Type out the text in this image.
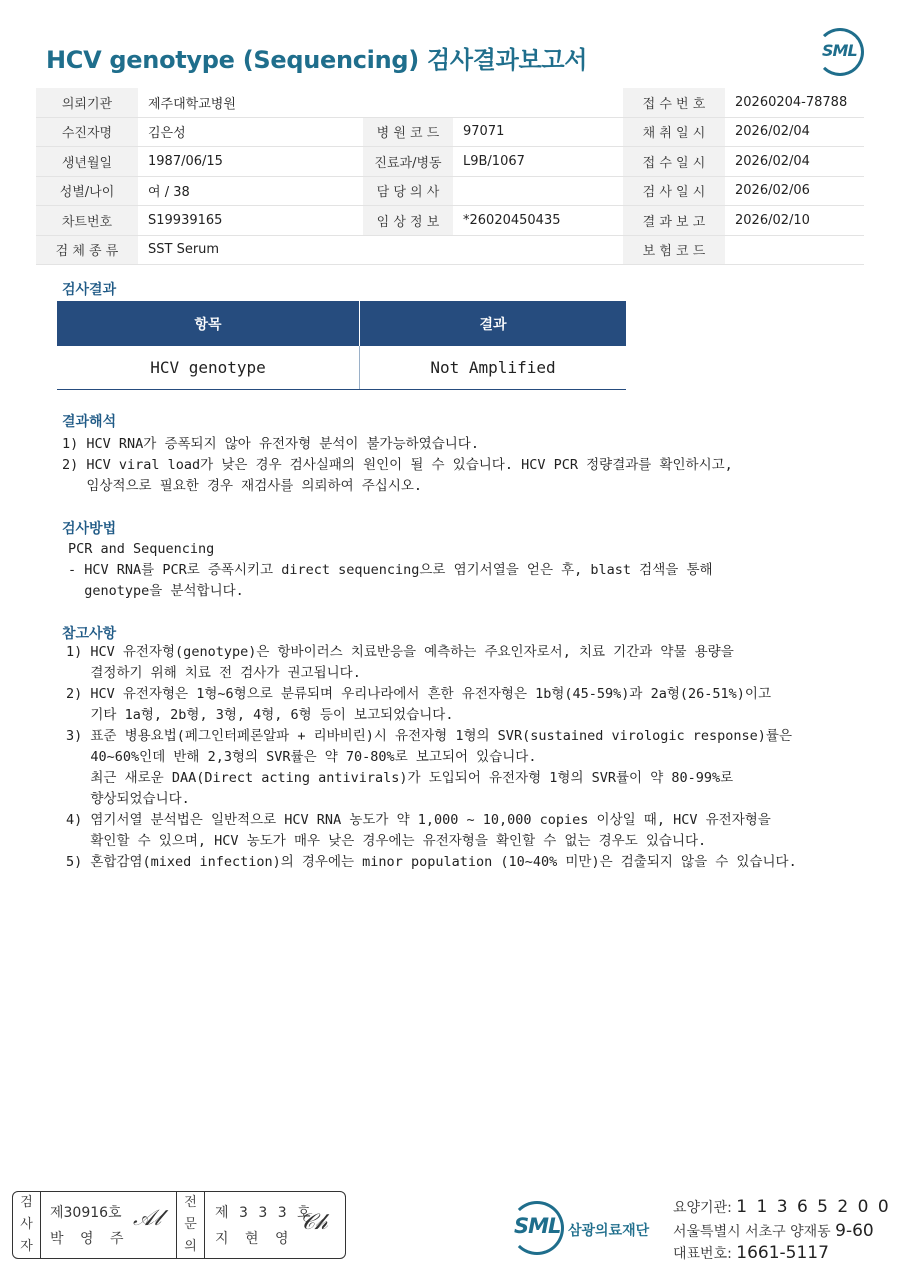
HCV genotype (Sequencing) 검사결과보고서	SML
의뢰기관	제주대학교병원			접 수 번 호	20260204-78788
수진자명	김은성	병 원 코 드	97071	채 취 일 시	2026/02/04
생년월일	1987/06/15	진료과/병동	L9B/1067	접 수 일 시	2026/02/04
성별/나이	여 / 38	담 당 의 사		검 사 일 시	2026/02/06
차트번호	S19939165	임 상 정 보	*26020450435	결 과 보 고	2026/02/10
검 체 종 류	SST Serum			보 험 코 드	
검사결과
항목	결과
HCV genotype	Not Amplified
결과해석
1) HCV RNA가 증폭되지 않아 유전자형 분석이 불가능하였습니다.
2) HCV viral load가 낮은 경우 검사실패의 원인이 될 수 있습니다. HCV PCR 정량결과를 확인하시고,
임상적으로 필요한 경우 재검사를 의뢰하여 주십시오.
검사방법
PCR and Sequencing
- HCV RNA를 PCR로 증폭시키고 direct sequencing으로 염기서열을 얻은 후, blast 검색을 통해
genotype을 분석합니다.
참고사항
1) HCV 유전자형(genotype)은 항바이러스 치료반응을 예측하는 주요인자로서, 치료 기간과 약물 용량을
결정하기 위해 치료 전 검사가 권고됩니다.
2) HCV 유전자형은 1형~6형으로 분류되며 우리나라에서 흔한 유전자형은 1b형(45-59%)과 2a형(26-51%)이고
기타 1a형, 2b형, 3형, 4형, 6형 등이 보고되었습니다.
3) 표준 병용요법(페그인터페론알파 + 리바비린)시 유전자형 1형의 SVR(sustained virologic response)률은
40~60%인데 반해 2,3형의 SVR률은 약 70-80%로 보고되어 있습니다.
최근 새로운 DAA(Direct acting antivirals)가 도입되어 유전자형 1형의 SVR률이 약 80-99%로
향상되었습니다.
4) 염기서열 분석법은 일반적으로 HCV RNA 농도가 약 1,000 ~ 10,000 copies 이상일 때, HCV 유전자형을
확인할 수 있으며, HCV 농도가 매우 낮은 경우에는 유전자형을 확인할 수 없는 경우도 있습니다.
5) 혼합감염(mixed infection)의 경우에는 minor population (10~40% 미만)은 검출되지 않을 수 있습니다.
검
사
자
제30916호
박 영 주
𝒜𝓁
전
문
의
제 3 3 3 호
지 현 영
𝒞𝒽	SML 삼광의료재단
요양기관: 1 1 3 6 5 2 0 0
서울특별시 서초구 양재동 9-60
대표번호: 1661-5117
